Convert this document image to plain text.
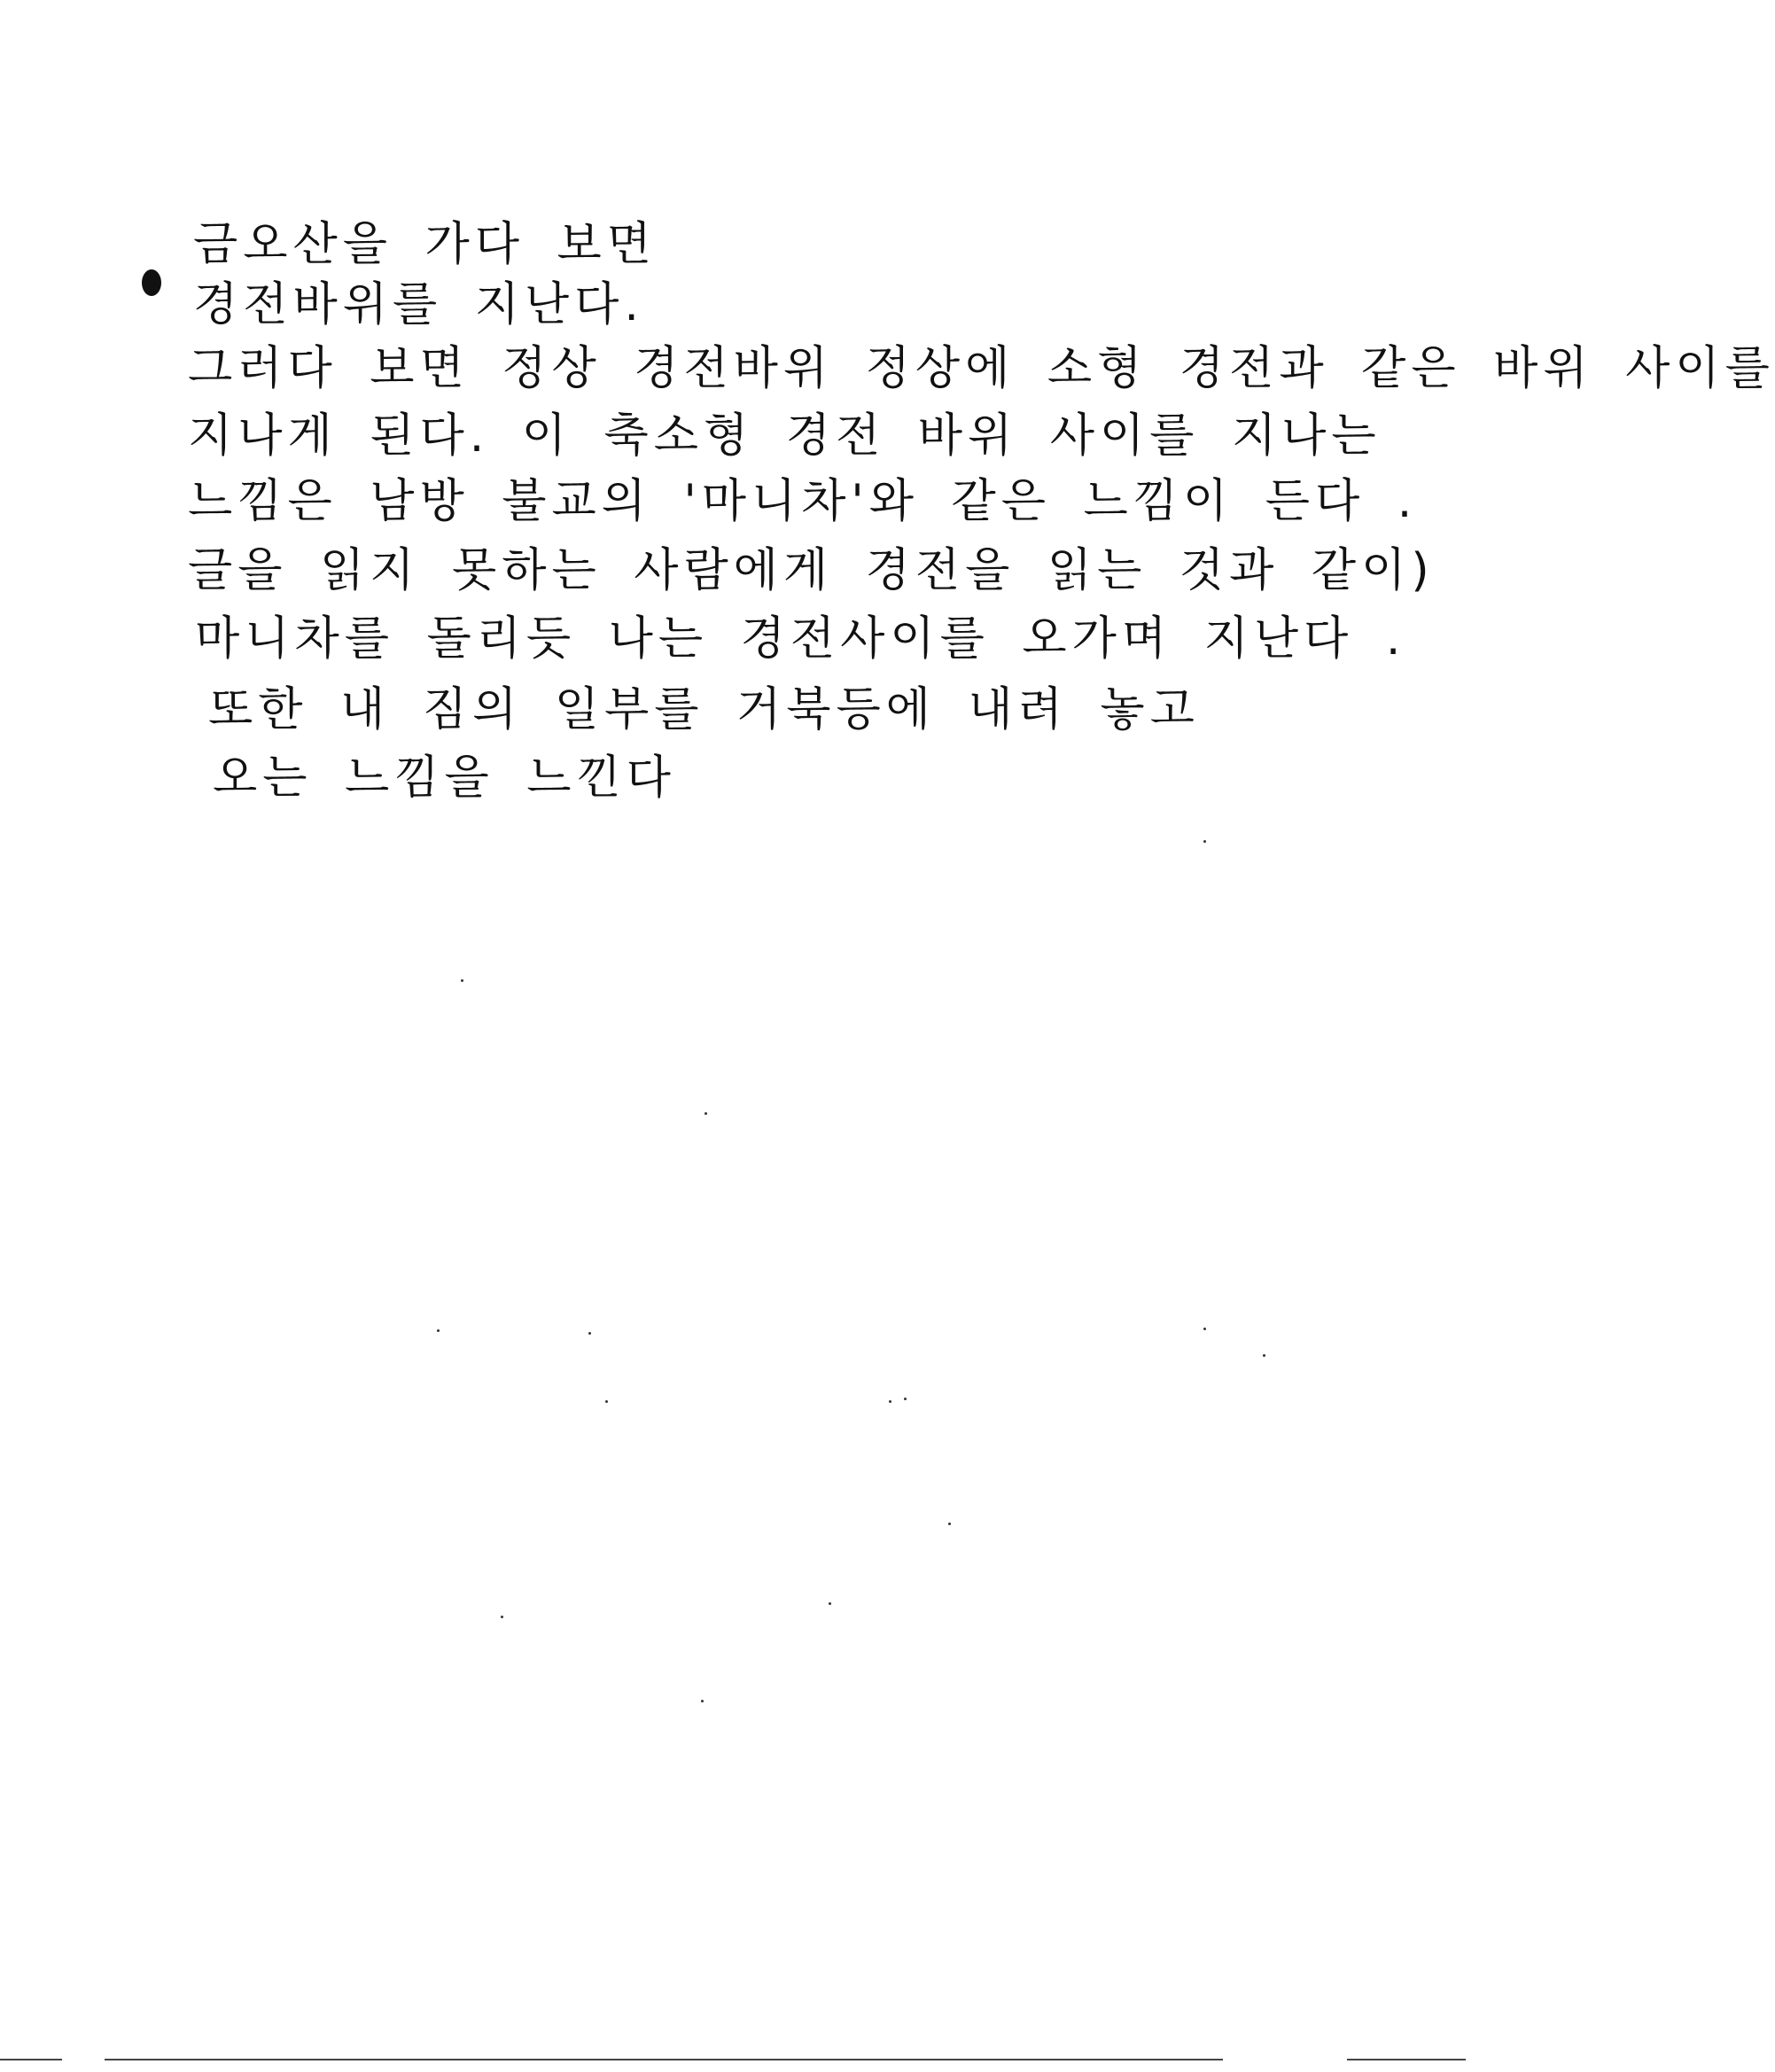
금오산을 가다 보면
경전바위를 지난다.
그러다 보면 정상 경전바위 정상에 소형 경전과 같은 바위 사이를
지나게 된다. 이 축소형 경전 바위 사이를 지나는
느낌은 남방 불교의 '마니차'와 같은 느낌이 든다 .
글을 읽지 못하는 사람에게 경전을 읽는 것과 같이)
마니차를 돌리듯 나는 경전사이를 오가며 지난다 .
또한 내 짐의 일부를 거북등에 내려 놓고
오는 느낌을 느낀다
